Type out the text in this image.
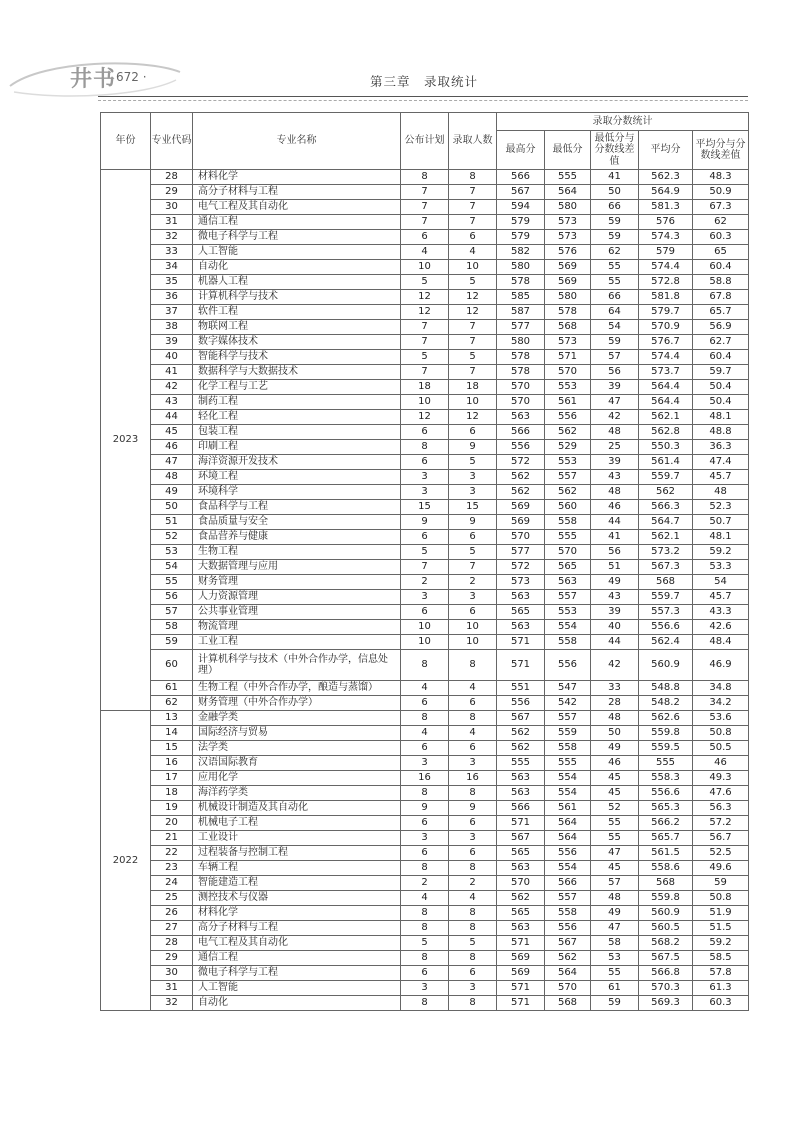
井书 672 ·	第三章　录取统计

年份	专业代码	专业名称	公布计划	录取人数	录取分数统计				
					最高分	最低分	最低分与分数线差值	平均分	平均分与分数线差值
2023	28	材料化学	8	8	566	555	41	562.3	48.3
	29	高分子材料与工程	7	7	567	564	50	564.9	50.9
	30	电气工程及其自动化	7	7	594	580	66	581.3	67.3
	31	通信工程	7	7	579	573	59	576	62
	32	微电子科学与工程	6	6	579	573	59	574.3	60.3
	33	人工智能	4	4	582	576	62	579	65
	34	自动化	10	10	580	569	55	574.4	60.4
	35	机器人工程	5	5	578	569	55	572.8	58.8
	36	计算机科学与技术	12	12	585	580	66	581.8	67.8
	37	软件工程	12	12	587	578	64	579.7	65.7
	38	物联网工程	7	7	577	568	54	570.9	56.9
	39	数字媒体技术	7	7	580	573	59	576.7	62.7
	40	智能科学与技术	5	5	578	571	57	574.4	60.4
	41	数据科学与大数据技术	7	7	578	570	56	573.7	59.7
	42	化学工程与工艺	18	18	570	553	39	564.4	50.4
	43	制药工程	10	10	570	561	47	564.4	50.4
	44	轻化工程	12	12	563	556	42	562.1	48.1
	45	包装工程	6	6	566	562	48	562.8	48.8
	46	印刷工程	8	9	556	529	25	550.3	36.3
	47	海洋资源开发技术	6	5	572	553	39	561.4	47.4
	48	环境工程	3	3	562	557	43	559.7	45.7
	49	环境科学	3	3	562	562	48	562	48
	50	食品科学与工程	15	15	569	560	46	566.3	52.3
	51	食品质量与安全	9	9	569	558	44	564.7	50.7
	52	食品营养与健康	6	6	570	555	41	562.1	48.1
	53	生物工程	5	5	577	570	56	573.2	59.2
	54	大数据管理与应用	7	7	572	565	51	567.3	53.3
	55	财务管理	2	2	573	563	49	568	54
	56	人力资源管理	3	3	563	557	43	559.7	45.7
	57	公共事业管理	6	6	565	553	39	557.3	43.3
	58	物流管理	10	10	563	554	40	556.6	42.6
	59	工业工程	10	10	571	558	44	562.4	48.4
	60	计算机科学与技术（中外合作办学，信息处理）	8	8	571	556	42	560.9	46.9
	61	生物工程（中外合作办学，酿造与蒸馏）	4	4	551	547	33	548.8	34.8
	62	财务管理（中外合作办学）	6	6	556	542	28	548.2	34.2
2022	13	金融学类	8	8	567	557	48	562.6	53.6
	14	国际经济与贸易	4	4	562	559	50	559.8	50.8
	15	法学类	6	6	562	558	49	559.5	50.5
	16	汉语国际教育	3	3	555	555	46	555	46
	17	应用化学	16	16	563	554	45	558.3	49.3
	18	海洋药学类	8	8	563	554	45	556.6	47.6
	19	机械设计制造及其自动化	9	9	566	561	52	565.3	56.3
	20	机械电子工程	6	6	571	564	55	566.2	57.2
	21	工业设计	3	3	567	564	55	565.7	56.7
	22	过程装备与控制工程	6	6	565	556	47	561.5	52.5
	23	车辆工程	8	8	563	554	45	558.6	49.6
	24	智能建造工程	2	2	570	566	57	568	59
	25	测控技术与仪器	4	4	562	557	48	559.8	50.8
	26	材料化学	8	8	565	558	49	560.9	51.9
	27	高分子材料与工程	8	8	563	556	47	560.5	51.5
	28	电气工程及其自动化	5	5	571	567	58	568.2	59.2
	29	通信工程	8	8	569	562	53	567.5	58.5
	30	微电子科学与工程	6	6	569	564	55	566.8	57.8
	31	人工智能	3	3	571	570	61	570.3	61.3
	32	自动化	8	8	571	568	59	569.3	60.3
